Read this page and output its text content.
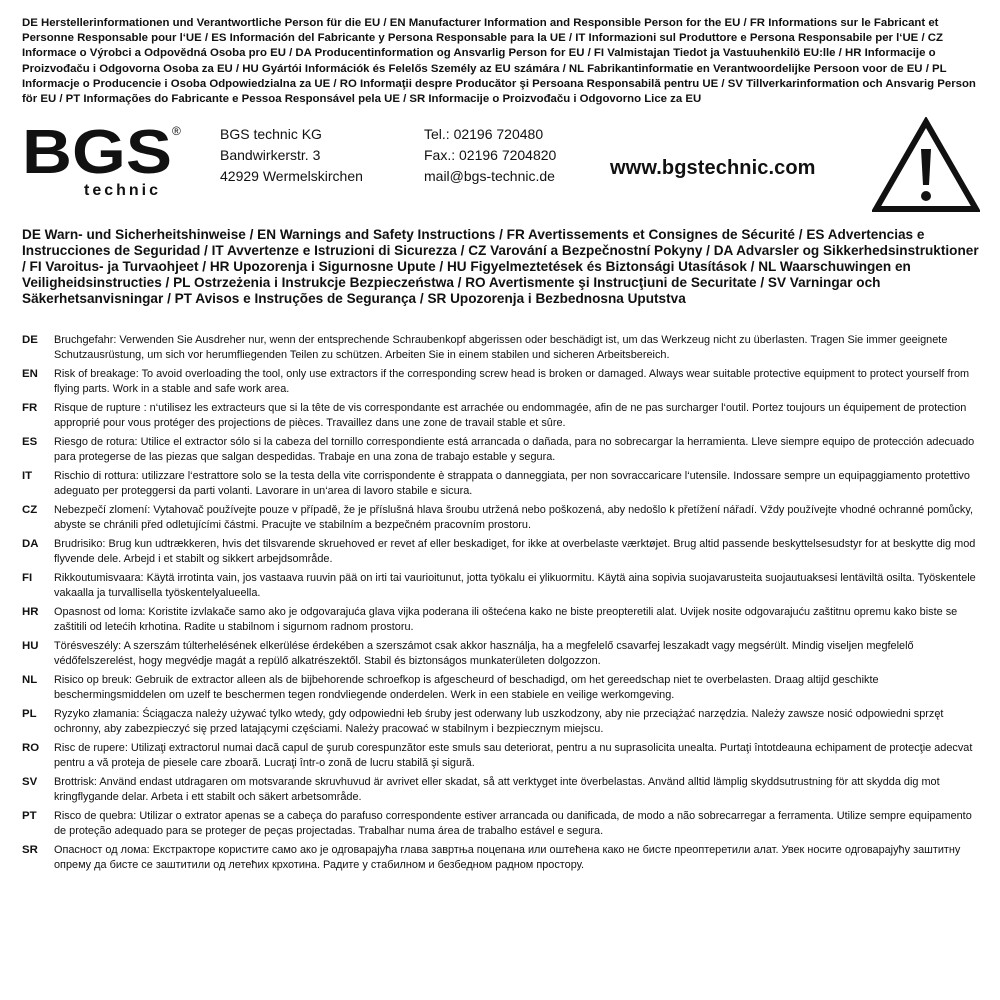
DE Herstellerinformationen und Verantwortliche Person für die EU / EN Manufacturer Information and Responsible Person for the EU / FR Informations sur le Fabricant et Personne Responsable pour l‘UE / ES Información del Fabricante y Persona Responsable para la UE / IT Informazioni sul Produttore e Persona Responsabile per l‘UE / CZ Informace o Výrobci a Odpovědná Osoba pro EU / DA Producentinformation og Ansvarlig Person for EU / FI Valmistajan Tiedot ja Vastuuhenkilö EU:lle / HR Informacije o Proizvođaču i Odgovorna Osoba za EU / HU Gyártói Információk és Felelős Személy az EU számára / NL Fabrikantinformatie en Verantwoordelijke Persoon voor de EU / PL Informacje o Producencie i Osoba Odpowiedzialna za UE / RO Informaţii despre Producător şi Persoana Responsabilă pentru UE / SV Tillverkarinformation och Ansvarig Person för EU / PT Informações do Fabricante e Pessoa Responsável pela UE / SR Informacije o Proizvođaču i Odgovorno Lice za EU

BGS ®
technic
BGS technic KG
Bandwirkerstr. 3
42929 Wermelskirchen
Tel.: 02196 720480
Fax.: 02196 7204820
mail@bgs-technic.de	www.bgstechnic.com

DE Warn- und Sicherheitshinweise / EN Warnings and Safety Instructions / FR Avertissements et Consignes de Sécurité / ES Advertencias e Instrucciones de Seguridad / IT Avvertenze e Istruzioni di Sicurezza / CZ Varování a Bezpečnostní Pokyny / DA Advarsler og Sikkerhedsinstruktioner / FI Varoitus- ja Turvaohjeet / HR Upozorenja i Sigurnosne Upute / HU Figyelmeztetések és Biztonsági Utasítások / NL Waarschuwingen en Veiligheidsinstructies / PL Ostrzeżenia i Instrukcje Bezpieczeństwa / RO Avertismente şi Instrucţiuni de Securitate / SV Varningar och Säkerhetsanvisningar / PT Avisos e Instruções de Segurança / SR Upozorenja i Bezbednosna Uputstva

DE	Bruchgefahr: Verwenden Sie Ausdreher nur, wenn der entsprechende Schraubenkopf abgerissen oder beschädigt ist, um das Werkzeug nicht zu überlasten. Tragen Sie immer geeignete Schutzausrüstung, um sich vor herumfliegenden Teilen zu schützen. Arbeiten Sie in einem stabilen und sicheren Arbeitsbereich.
EN	Risk of breakage: To avoid overloading the tool, only use extractors if the corresponding screw head is broken or damaged. Always wear suitable protective equipment to protect yourself from flying parts. Work in a stable and safe work area.
FR	Risque de rupture : n‘utilisez les extracteurs que si la tête de vis correspondante est arrachée ou endommagée, afin de ne pas surcharger l‘outil. Portez toujours un équipement de protection approprié pour vous protéger des projections de pièces. Travaillez dans une zone de travail stable et sûre.
ES	Riesgo de rotura: Utilice el extractor sólo si la cabeza del tornillo correspondiente está arrancada o dañada, para no sobrecargar la herramienta. Lleve siempre equipo de protección adecuado para protegerse de las piezas que salgan despedidas. Trabaje en una zona de trabajo estable y segura.
IT	Rischio di rottura: utilizzare l‘estrattore solo se la testa della vite corrispondente è strappata o danneggiata, per non sovraccaricare l‘utensile. Indossare sempre un equipaggiamento protettivo adeguato per proteggersi da parti volanti. Lavorare in un‘area di lavoro stabile e sicura.
CZ	Nebezpečí zlomení: Vytahovač používejte pouze v případě, že je příslušná hlava šroubu utržená nebo poškozená, aby nedošlo k přetížení nářadí. Vždy používejte vhodné ochranné pomůcky, abyste se chránili před odletujícími částmi. Pracujte ve stabilním a bezpečném pracovním prostoru.
DA	Brudrisiko: Brug kun udtrækkeren, hvis det tilsvarende skruehoved er revet af eller beskadiget, for ikke at overbelaste værktøjet. Brug altid passende beskyttelsesudstyr for at beskytte dig mod flyvende dele. Arbejd i et stabilt og sikkert arbejdsområde.
FI	Rikkoutumisvaara: Käytä irrotinta vain, jos vastaava ruuvin pää on irti tai vaurioitunut, jotta työkalu ei ylikuormitu. Käytä aina sopivia suojavarusteita suojautuaksesi lentäviltä osilta. Työskentele vakaalla ja turvallisella työskentelyalueella.
HR	Opasnost od loma: Koristite izvlakače samo ako je odgovarajuća glava vijka poderana ili oštećena kako ne biste preopteretili alat. Uvijek nosite odgovarajuću zaštitnu opremu kako biste se zaštitili od letećih krhotina. Radite u stabilnom i sigurnom radnom prostoru.
HU	Törésveszély: A szerszám túlterhelésének elkerülése érdekében a szerszámot csak akkor használja, ha a megfelelő csavarfej leszakadt vagy megsérült. Mindig viseljen megfelelő védőfelszerelést, hogy megvédje magát a repülő alkatrészektől. Stabil és biztonságos munkaterületen dolgozzon.
NL	Risico op breuk: Gebruik de extractor alleen als de bijbehorende schroefkop is afgescheurd of beschadigd, om het gereedschap niet te overbelasten. Draag altijd geschikte beschermingsmiddelen om uzelf te beschermen tegen rondvliegende onderdelen. Werk in een stabiele en veilige werkomgeving.
PL	Ryzyko złamania: Ściągacza należy używać tylko wtedy, gdy odpowiedni łeb śruby jest oderwany lub uszkodzony, aby nie przeciążać narzędzia. Należy zawsze nosić odpowiedni sprzęt ochronny, aby zabezpieczyć się przed latającymi częściami. Należy pracować w stabilnym i bezpiecznym miejscu.
RO	Risc de rupere: Utilizaţi extractorul numai dacă capul de şurub corespunzător este smuls sau deteriorat, pentru a nu suprasolicita unealta. Purtaţi întotdeauna echipament de protecţie adecvat pentru a vă proteja de piesele care zboară. Lucraţi într-o zonă de lucru stabilă şi sigură.
SV	Brottrisk: Använd endast utdragaren om motsvarande skruvhuvud är avrivet eller skadat, så att verktyget inte överbelastas. Använd alltid lämplig skyddsutrustning för att skydda dig mot kringflygande delar. Arbeta i ett stabilt och säkert arbetsområde.
PT	Risco de quebra: Utilizar o extrator apenas se a cabeça do parafuso correspondente estiver arrancada ou danificada, de modo a não sobrecarregar a ferramenta. Utilize sempre equipamento de proteção adequado para se proteger de peças projectadas. Trabalhar numa área de trabalho estável e segura.
SR	Опасност од лома: Екстракторе користите само ако је одговарајућа глава завртња поцепана или оштећена како не бисте преоптеретили алат. Увек носите одговарајућу заштитну опрему да бисте се заштитили од летећих крхотина. Радите у стабилном и безбедном радном простору.
